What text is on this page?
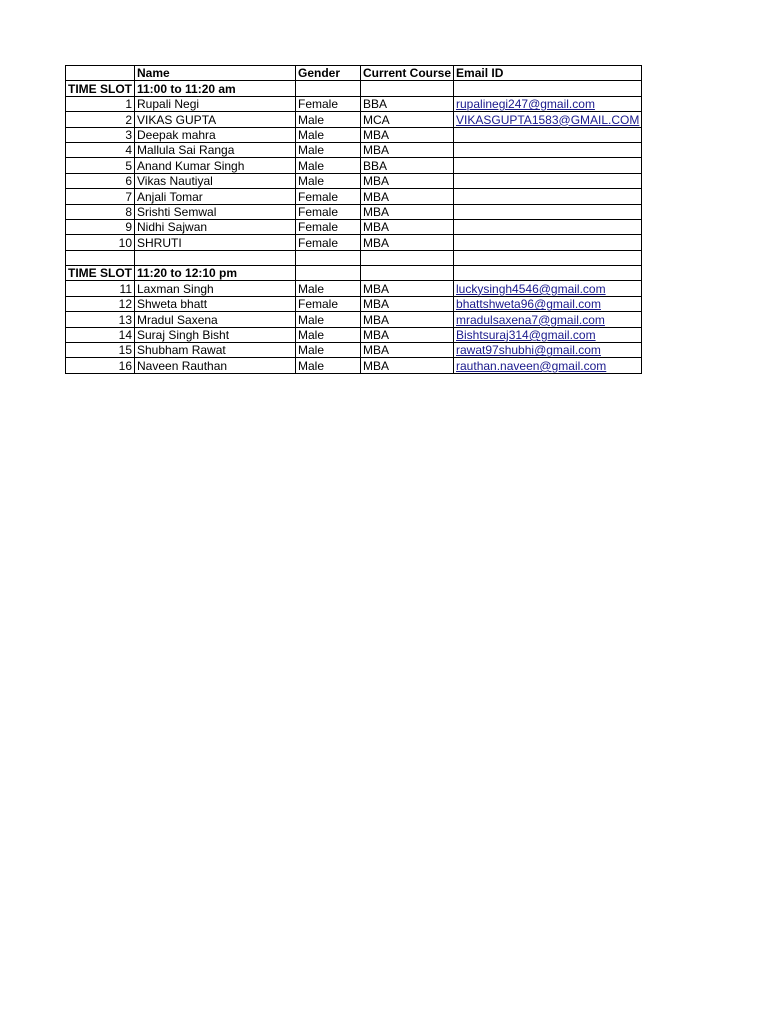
	Name	Gender	Current Course	Email ID
TIME SLOT	11:00 to 11:20 am			
1	Rupali Negi	Female	BBA	rupalinegi247@gmail.com
2	VIKAS GUPTA	Male	MCA	VIKASGUPTA1583@GMAIL.COM
3	Deepak mahra	Male	MBA	
4	Mallula Sai Ranga	Male	MBA	
5	Anand Kumar Singh	Male	BBA	
6	Vikas Nautiyal	Male	MBA	
7	Anjali Tomar	Female	MBA	
8	Srishti Semwal	Female	MBA	
9	Nidhi Sajwan	Female	MBA	
10	SHRUTI	Female	MBA	

TIME SLOT	11:20 to 12:10 pm			
11	Laxman Singh	Male	MBA	luckysingh4546@gmail.com
12	Shweta bhatt	Female	MBA	bhattshweta96@gmail.com
13	Mradul Saxena	Male	MBA	mradulsaxena7@gmail.com
14	Suraj Singh Bisht	Male	MBA	Bishtsuraj314@gmail.com
15	Shubham Rawat	Male	MBA	rawat97shubhi@gmail.com
16	Naveen Rauthan	Male	MBA	rauthan.naveen@gmail.com
